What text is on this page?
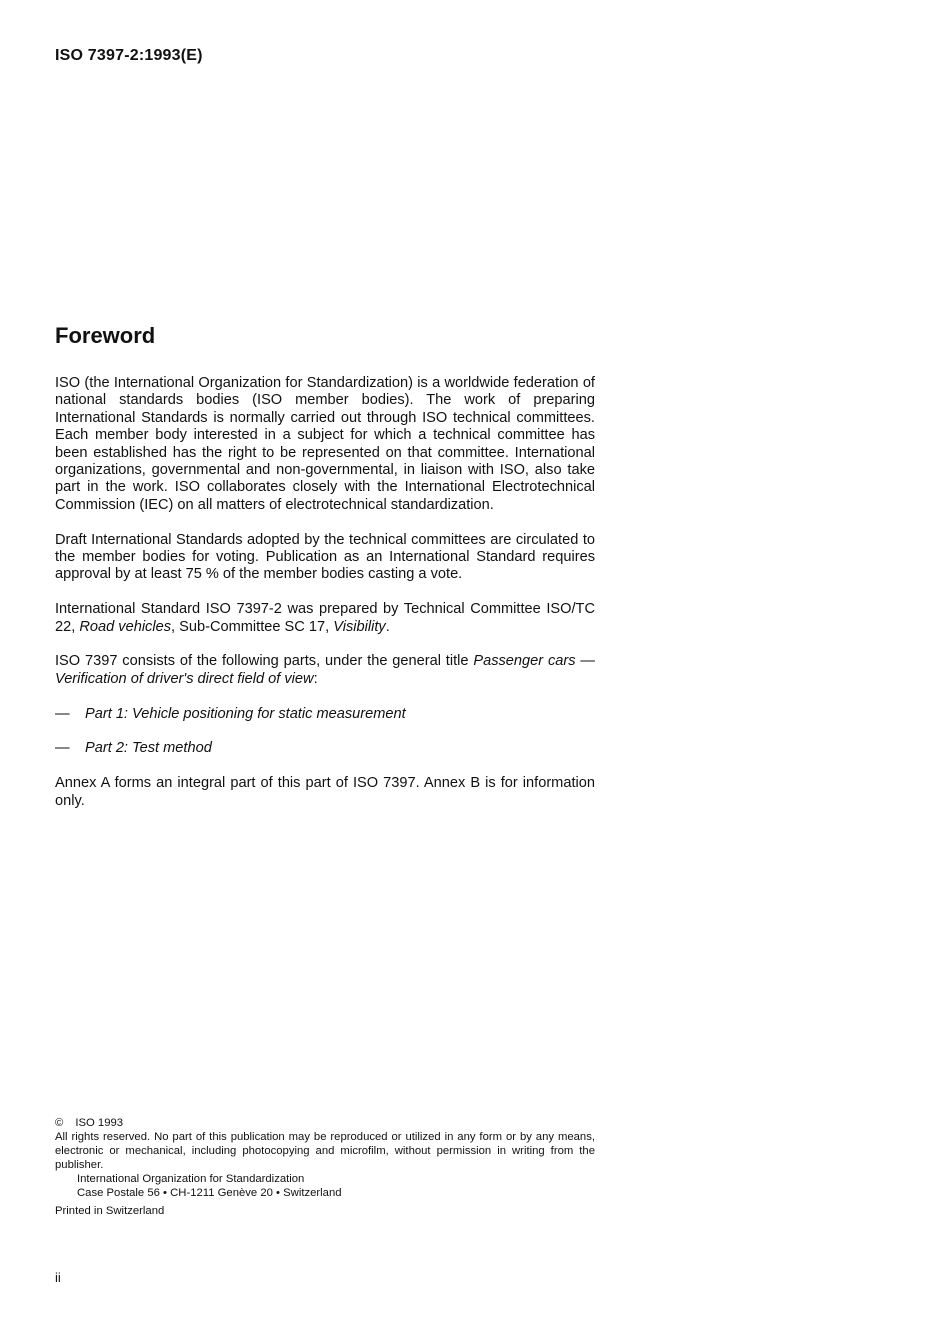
ISO 7397-2:1993(E)
Foreword

ISO (the International Organization for Standardization) is a worldwide federation of national standards bodies (ISO member bodies). The work of preparing International Standards is normally carried out through ISO technical committees. Each member body interested in a subject for which a technical committee has been established has the right to be represented on that committee. International organizations, governmental and non-governmental, in liaison with ISO, also take part in the work. ISO collaborates closely with the International Electrotechnical Commission (IEC) on all matters of electrotechnical standardization.

Draft International Standards adopted by the technical committees are circulated to the member bodies for voting. Publication as an International Standard requires approval by at least 75 % of the member bodies casting a vote.

International Standard ISO 7397-2 was prepared by Technical Committee ISO/TC 22, Road vehicles, Sub-Committee SC 17, Visibility.

ISO 7397 consists of the following parts, under the general title Passenger cars — Verification of driver's direct field of view:

— Part 1: Vehicle positioning for static measurement
— Part 2: Test method

Annex A forms an integral part of this part of ISO 7397. Annex B is for information only.

© ISO 1993
All rights reserved. No part of this publication may be reproduced or utilized in any form or by any means, electronic or mechanical, including photocopying and microfilm, without permission in writing from the publisher.
International Organization for Standardization
Case Postale 56 • CH-1211 Genève 20 • Switzerland
Printed in Switzerland
ii
